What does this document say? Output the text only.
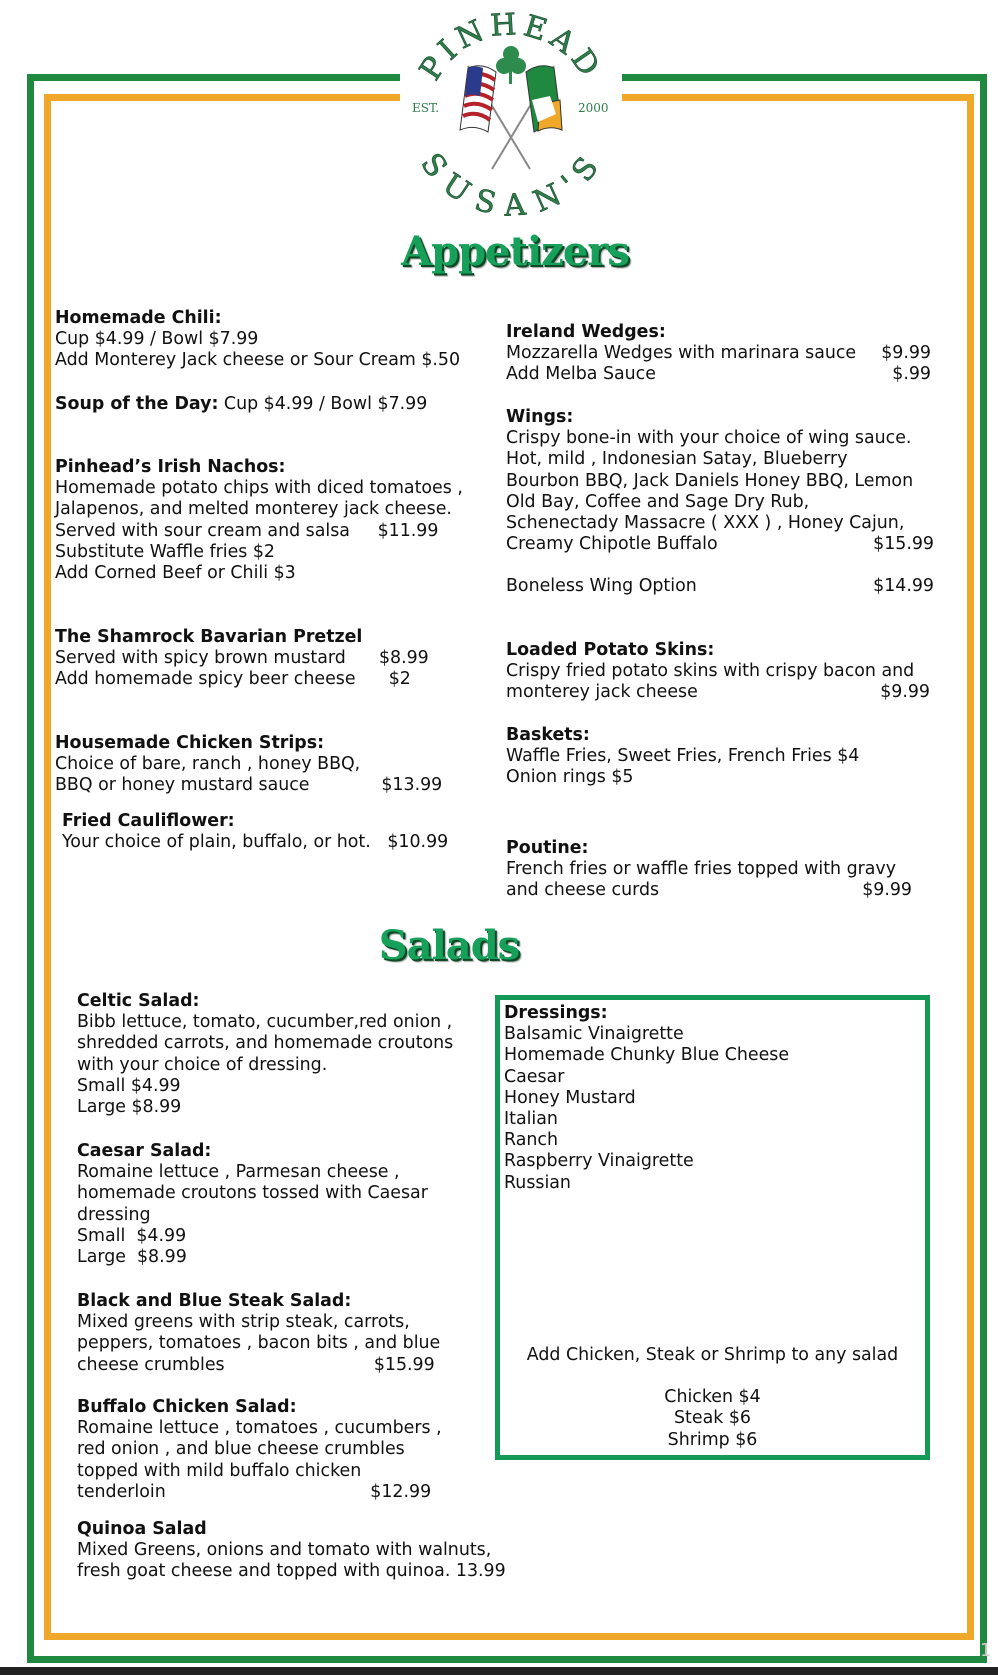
PINHEAD
SUSAN'S
EST.	2000
Appetizers
Homemade Chili:
Cup $4.99 / Bowl $7.99
Add Monterey Jack cheese or Sour Cream $.50
Soup of the Day: Cup $4.99 / Bowl $7.99
Pinhead’s Irish Nachos:
Homemade potato chips with diced tomatoes ,
Jalapenos, and melted monterey jack cheese.
Served with sour cream and salsa     $11.99
Substitute Waffle fries $2
Add Corned Beef or Chili $3
The Shamrock Bavarian Pretzel
Served with spicy brown mustard      $8.99
Add homemade spicy beer cheese      $2
Housemade Chicken Strips:
Choice of bare, ranch , honey BBQ,
BBQ or honey mustard sauce             $13.99
Fried Cauliflower:
Your choice of plain, buffalo, or hot.   $10.99
Ireland Wedges:
Mozzarella Wedges with marinara sauce $9.99
Add Melba Sauce	$.99
Wings:
Crispy bone-in with your choice of wing sauce.
Hot, mild , Indonesian Satay, Blueberry
Bourbon BBQ, Jack Daniels Honey BBQ, Lemon
Old Bay, Coffee and Sage Dry Rub,
Schenectady Massacre ( XXX ) , Honey Cajun,
Creamy Chipotle Buffalo	$15.99
Boneless Wing Option	$14.99
Loaded Potato Skins:
Crispy fried potato skins with crispy bacon and
monterey jack cheese	$9.99
Baskets:
Waffle Fries, Sweet Fries, French Fries $4
Onion rings $5
Poutine:
French fries or waffle fries topped with gravy
and cheese curds	$9.99
Salads
Celtic Salad:
Bibb lettuce, tomato, cucumber,red onion ,
shredded carrots, and homemade croutons
with your choice of dressing.
Small $4.99
Large $8.99
Caesar Salad:
Romaine lettuce , Parmesan cheese ,
homemade croutons tossed with Caesar
dressing
Small  $4.99
Large  $8.99
Black and Blue Steak Salad:
Mixed greens with strip steak, carrots,
peppers, tomatoes , bacon bits , and blue
cheese crumbles                           $15.99
Buffalo Chicken Salad:
Romaine lettuce , tomatoes , cucumbers ,
red onion , and blue cheese crumbles
topped with mild buffalo chicken
tenderloin                                     $12.99
Quinoa Salad
Mixed Greens, onions and tomato with walnuts,
fresh goat cheese and topped with quinoa. 13.99
Dressings:
Balsamic Vinaigrette
Homemade Chunky Blue Cheese
Caesar
Honey Mustard
Italian
Ranch
Raspberry Vinaigrette
Russian
Add Chicken, Steak or Shrimp to any salad
Chicken $4
Steak $6
Shrimp $6
1
